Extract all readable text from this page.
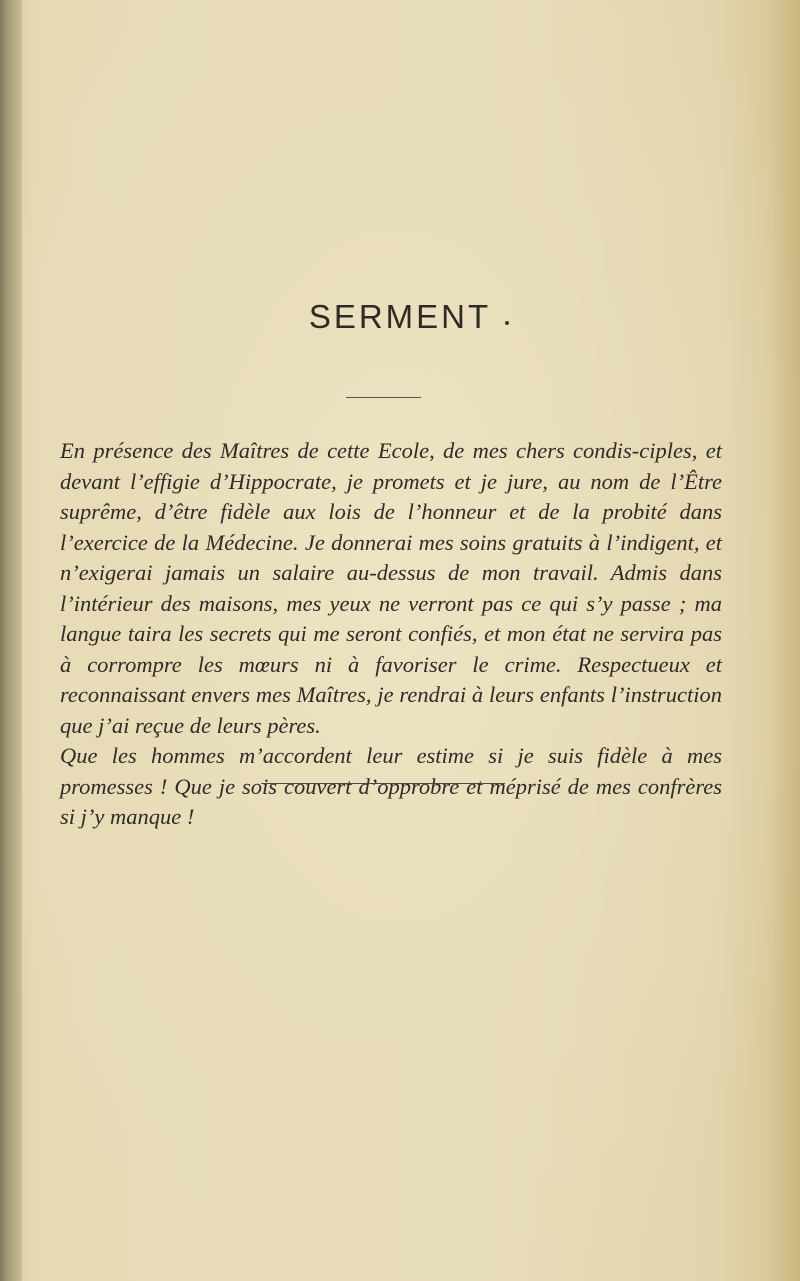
SERMENT

En présence des Maîtres de cette Ecole, de mes chers condis-ciples, et devant l’effigie d’Hippocrate, je promets et je jure, au nom de l’Être suprême, d’être fidèle aux lois de l’honneur et de la probité dans l’exercice de la Médecine. Je donnerai mes soins gratuits à l’indigent, et n’exigerai jamais un salaire au-dessus de mon travail. Admis dans l’intérieur des maisons, mes yeux ne verront pas ce qui s’y passe ; ma langue taira les secrets qui me seront confiés, et mon état ne servira pas à corrompre les mœurs ni à favoriser le crime. Respectueux et reconnaissant envers mes Maîtres, je rendrai à leurs enfants l’instruction que j’ai reçue de leurs pères.

Que les hommes m’accordent leur estime si je suis fidèle à mes promesses ! Que je sois couvert d’opprobre et méprisé de mes confrères si j’y manque !
